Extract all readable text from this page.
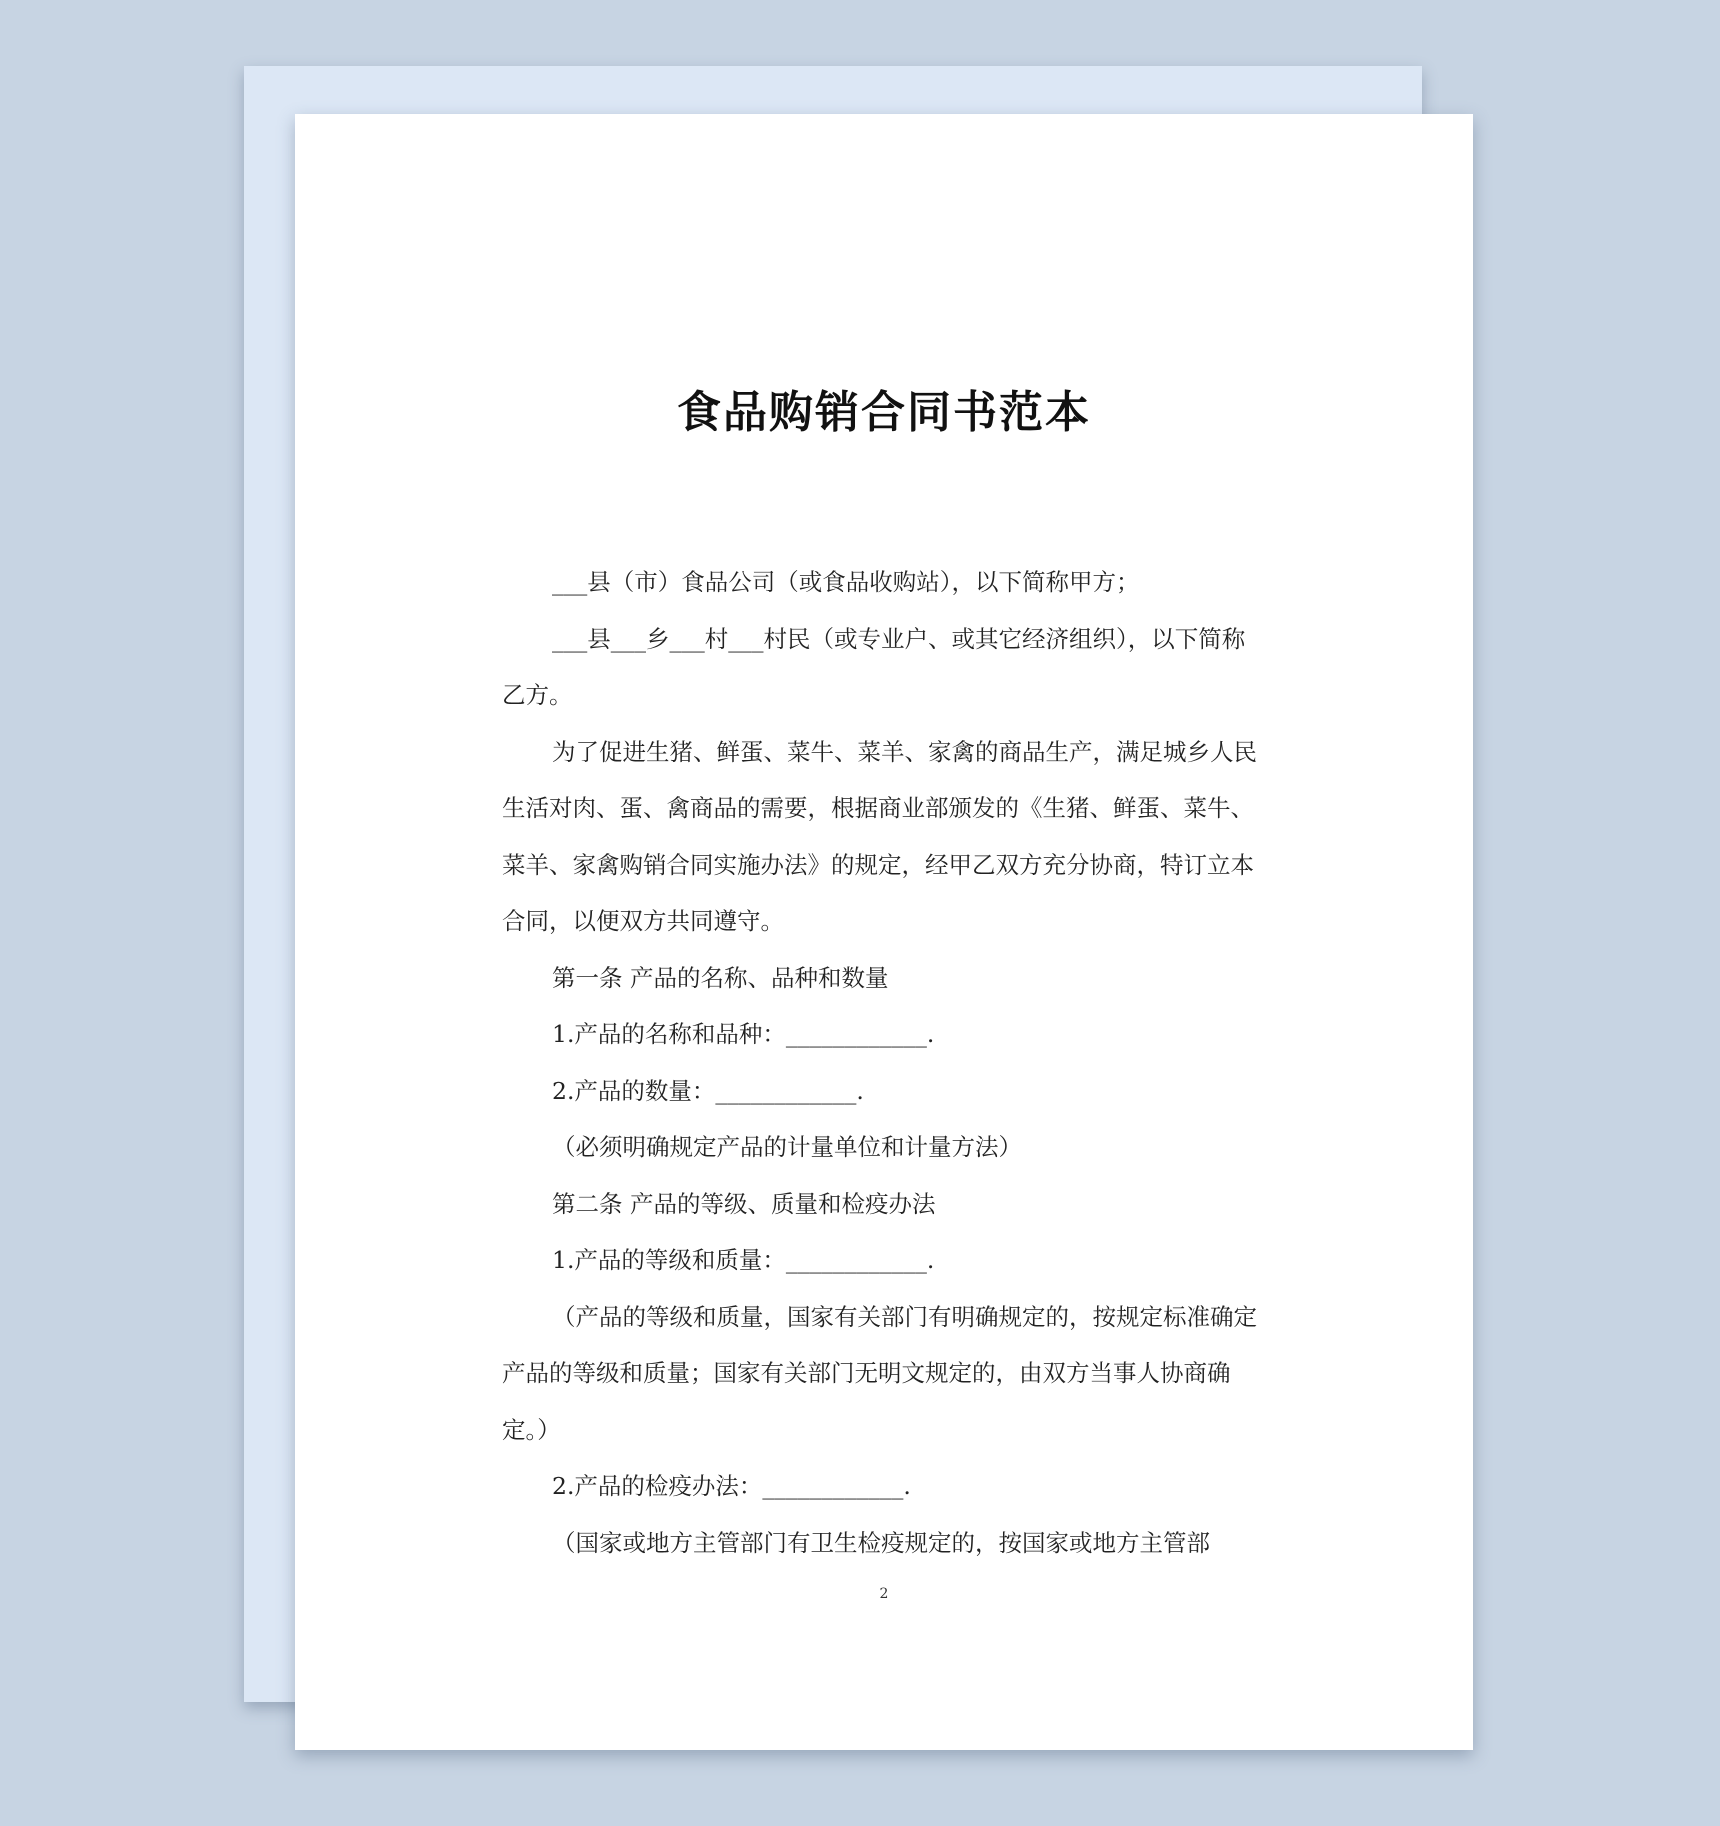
食品购销合同书范本

___县（市）食品公司（或食品收购站），以下简称甲方；

___县___乡___村___村民（或专业户、或其它经济组织），以下简称乙方。

为了促进生猪、鲜蛋、菜牛、菜羊、家禽的商品生产，满足城乡人民生活对肉、蛋、禽商品的需要，根据商业部颁发的《生猪、鲜蛋、菜牛、菜羊、家禽购销合同实施办法》的规定，经甲乙双方充分协商，特订立本合同，以便双方共同遵守。

第一条 产品的名称、品种和数量

1.产品的名称和品种：____________.

2.产品的数量：____________.

（必须明确规定产品的计量单位和计量方法）

第二条 产品的等级、质量和检疫办法

1.产品的等级和质量：____________.

（产品的等级和质量，国家有关部门有明确规定的，按规定标准确定产品的等级和质量；国家有关部门无明文规定的，由双方当事人协商确定。）

2.产品的检疫办法：____________.

（国家或地方主管部门有卫生检疫规定的，按国家或地方主管部

2
